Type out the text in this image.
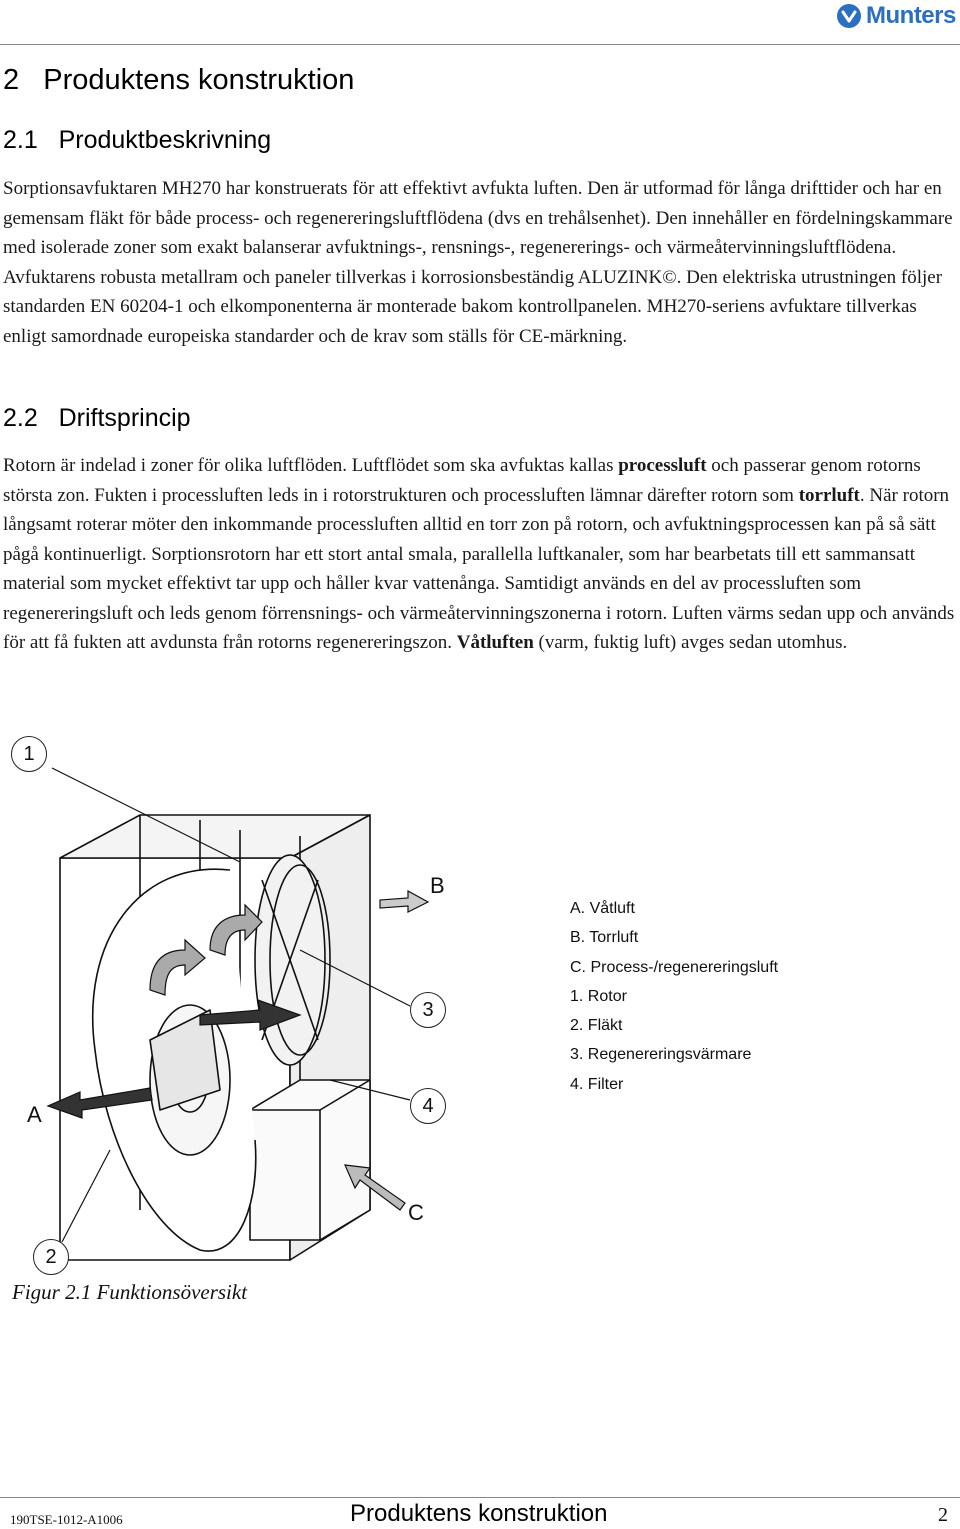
Munters
2   Produktens konstruktion
2.1   Produktbeskrivning

Sorptionsavfuktaren MH270 har konstruerats för att effektivt avfukta luften. Den är utformad för långa drifttider och har en gemensam fläkt för både process- och regenereringsluftflödena (dvs en trehålsenhet). Den innehåller en fördelningskammare med isolerade zoner som exakt balanserar avfuktnings-, rensnings-, regenererings- och värmeåtervinningsluftflödena. Avfuktarens robusta metallram och paneler tillverkas i korrosionsbeständig ALUZINK©. Den elektriska utrustningen följer standarden EN 60204-1 och elkomponenterna är monterade bakom kontrollpanelen. MH270-seriens avfuktare tillverkas enligt samordnade europeiska standarder och de krav som ställs för CE-märkning.

2.2   Driftsprincip

Rotorn är indelad i zoner för olika luftflöden. Luftflödet som ska avfuktas kallas processluft och passerar genom rotorns största zon. Fukten i processluften leds in i rotorstrukturen och processluften lämnar därefter rotorn som torrluft. När rotorn långsamt roterar möter den inkommande processluften alltid en torr zon på rotorn, och avfuktningsprocessen kan på så sätt pågå kontinuerligt. Sorptionsrotorn har ett stort antal smala, parallella luftkanaler, som har bearbetats till ett sammansatt material som mycket effektivt tar upp och håller kvar vattenånga. Samtidigt används en del av processluften som regenereringsluft och leds genom förrensnings- och värmeåtervinningszonerna i rotorn. Luften värms sedan upp och används för att få fukten att avdunsta från rotorns regenereringszon. Våtluften (varm, fuktig luft) avges sedan utomhus.

1
2
3
4
A
B
C
A. Våtluft
B. Torrluft
C. Process-/regenereringsluft
1. Rotor
2. Fläkt
3. Regenereringsvärmare
4. Filter
Figur 2.1 Funktionsöversikt
190TSE-1012-A1006	Produktens konstruktion	2
